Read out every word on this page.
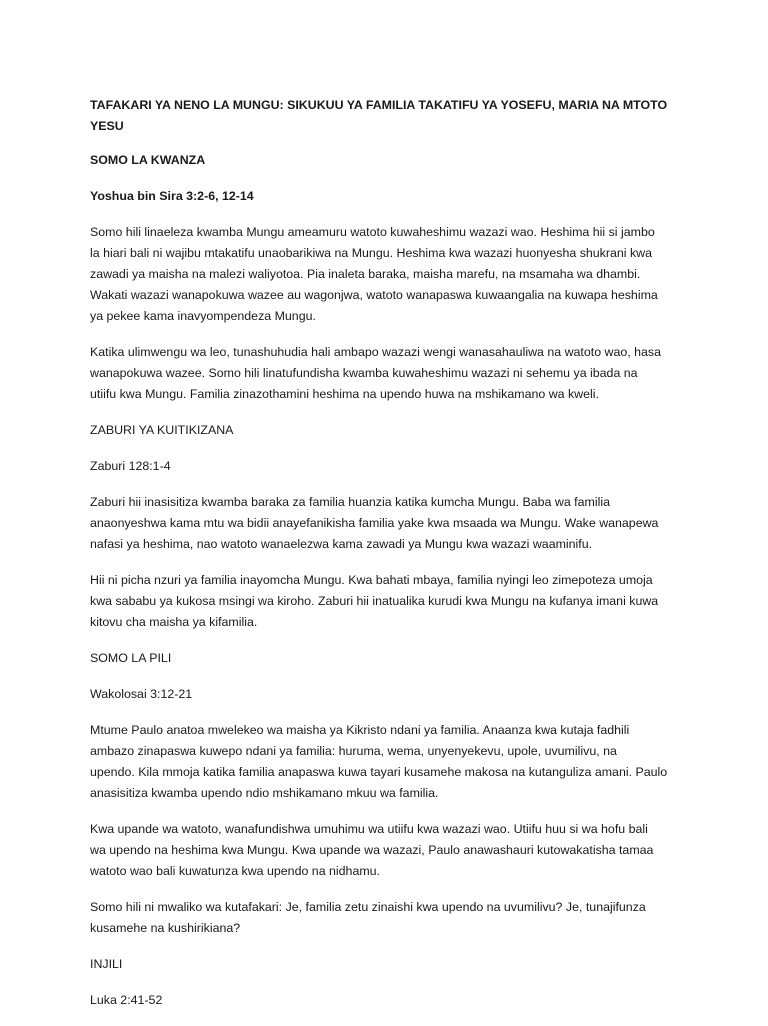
TAFAKARI YA NENO LA MUNGU: SIKUKUU YA FAMILIA TAKATIFU YA YOSEFU, MARIA NA MTOTO YESU
SOMO LA KWANZA
Yoshua bin Sira 3:2-6, 12-14
Somo hili linaeleza kwamba Mungu ameamuru watoto kuwaheshimu wazazi wao. Heshima hii si jambo
la hiari bali ni wajibu mtakatifu unaobarikiwa na Mungu. Heshima kwa wazazi huonyesha shukrani kwa
zawadi ya maisha na malezi waliyotoa. Pia inaleta baraka, maisha marefu, na msamaha wa dhambi.
Wakati wazazi wanapokuwa wazee au wagonjwa, watoto wanapaswa kuwaangalia na kuwapa heshima
ya pekee kama inavyompendeza Mungu.
Katika ulimwengu wa leo, tunashuhudia hali ambapo wazazi wengi wanasahauliwa na watoto wao, hasa
wanapokuwa wazee. Somo hili linatufundisha kwamba kuwaheshimu wazazi ni sehemu ya ibada na
utiifu kwa Mungu. Familia zinazothamini heshima na upendo huwa na mshikamano wa kweli.
ZABURI YA KUITIKIZANA
Zaburi 128:1-4
Zaburi hii inasisitiza kwamba baraka za familia huanzia katika kumcha Mungu. Baba wa familia
anaonyeshwa kama mtu wa bidii anayefanikisha familia yake kwa msaada wa Mungu. Wake wanapewa
nafasi ya heshima, nao watoto wanaelezwa kama zawadi ya Mungu kwa wazazi waaminifu.
Hii ni picha nzuri ya familia inayomcha Mungu. Kwa bahati mbaya, familia nyingi leo zimepoteza umoja
kwa sababu ya kukosa msingi wa kiroho. Zaburi hii inatualika kurudi kwa Mungu na kufanya imani kuwa
kitovu cha maisha ya kifamilia.
SOMO LA PILI
Wakolosai 3:12-21
Mtume Paulo anatoa mwelekeo wa maisha ya Kikristo ndani ya familia. Anaanza kwa kutaja fadhili
ambazo zinapaswa kuwepo ndani ya familia: huruma, wema, unyenyekevu, upole, uvumilivu, na
upendo. Kila mmoja katika familia anapaswa kuwa tayari kusamehe makosa na kutanguliza amani. Paulo
anasisitiza kwamba upendo ndio mshikamano mkuu wa familia.
Kwa upande wa watoto, wanafundishwa umuhimu wa utiifu kwa wazazi wao. Utiifu huu si wa hofu bali
wa upendo na heshima kwa Mungu. Kwa upande wa wazazi, Paulo anawashauri kutowakatisha tamaa
watoto wao bali kuwatunza kwa upendo na nidhamu.
Somo hili ni mwaliko wa kutafakari: Je, familia zetu zinaishi kwa upendo na uvumilivu? Je, tunajifunza
kusamehe na kushirikiana?
INJILI
Luka 2:41-52
